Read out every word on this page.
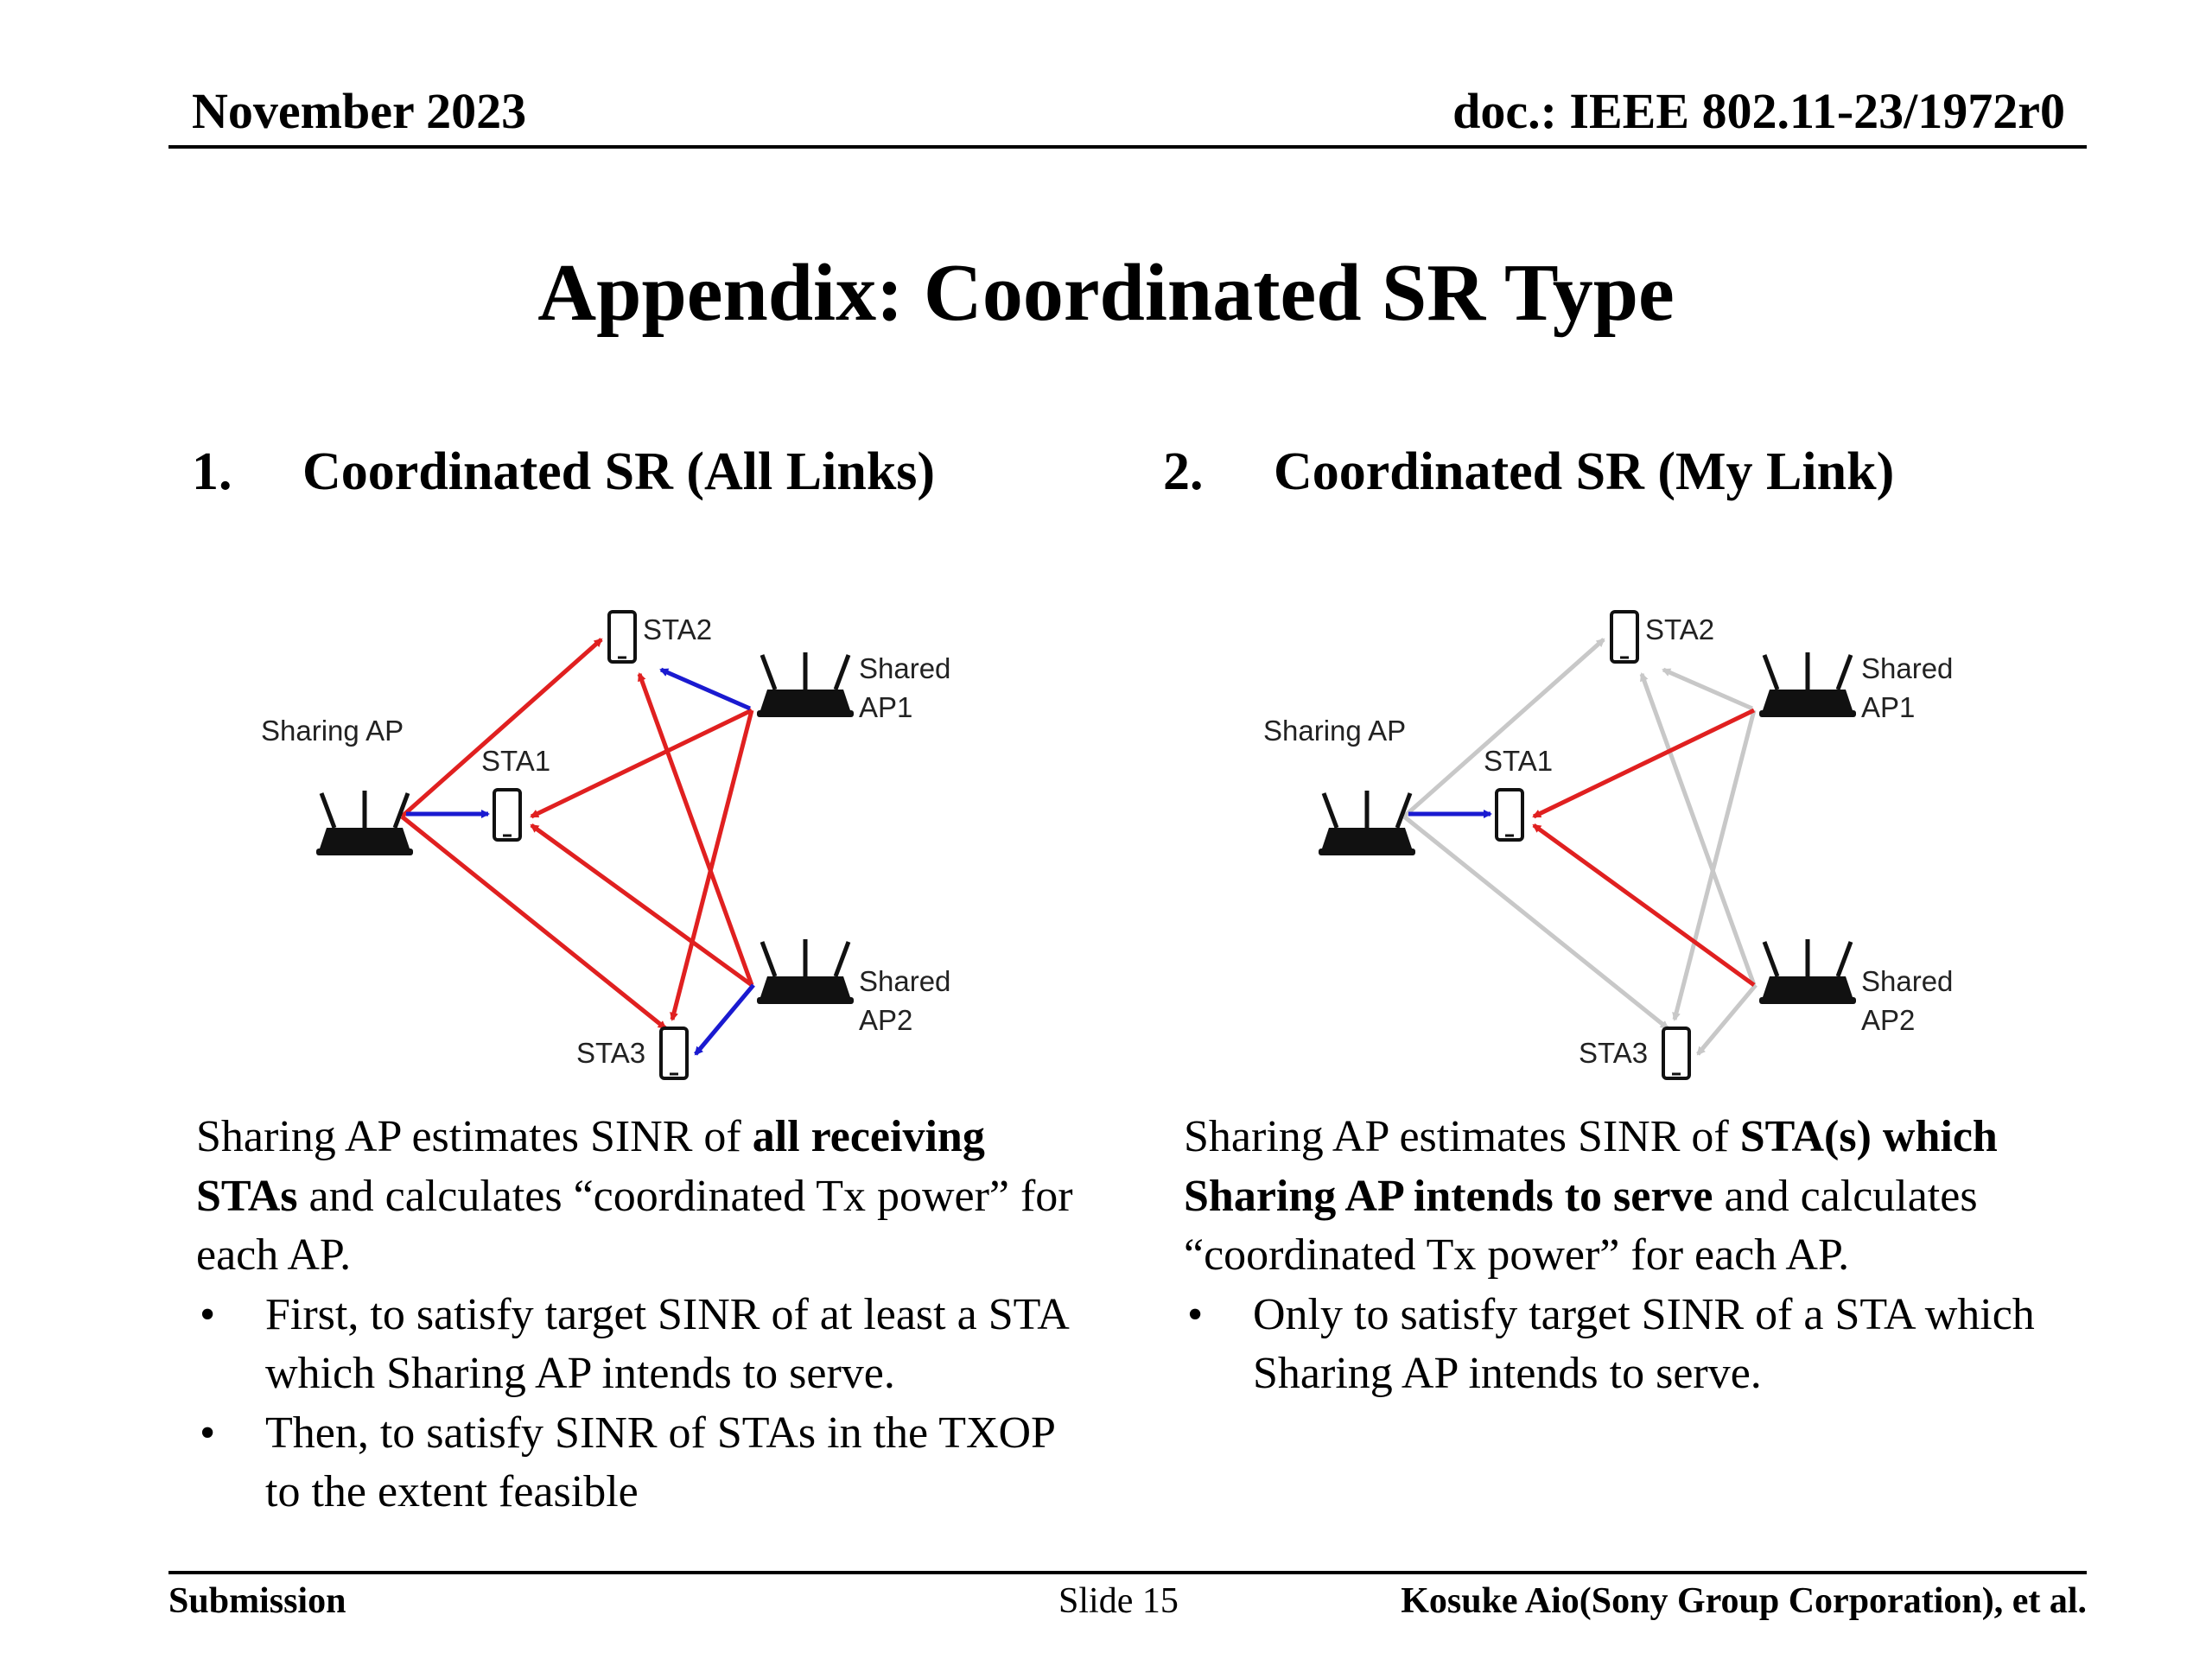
November 2023	doc.: IEEE 802.11-23/1972r0
Appendix: Coordinated SR Type
1. Coordinated SR (All Links)	2. Coordinated SR (My Link)
Sharing AP
STA1
STA2
STA3
Shared
AP1
Shared
AP2
Sharing AP
STA1
STA2
STA3
Shared
AP1
Shared
AP2

Sharing AP estimates SINR of all receiving STAs and calculates “coordinated Tx power” for each AP.

• First, to satisfy target SINR of at least a STA which Sharing AP intends to serve.
• Then, to satisfy SINR of STAs in the TXOP to the extent feasible

Sharing AP estimates SINR of STA(s) which Sharing AP intends to serve and calculates “coordinated Tx power” for each AP.

• Only to satisfy target SINR of a STA which Sharing AP intends to serve.
Submission	Slide 15	Kosuke Aio(Sony Group Corporation), et al.
